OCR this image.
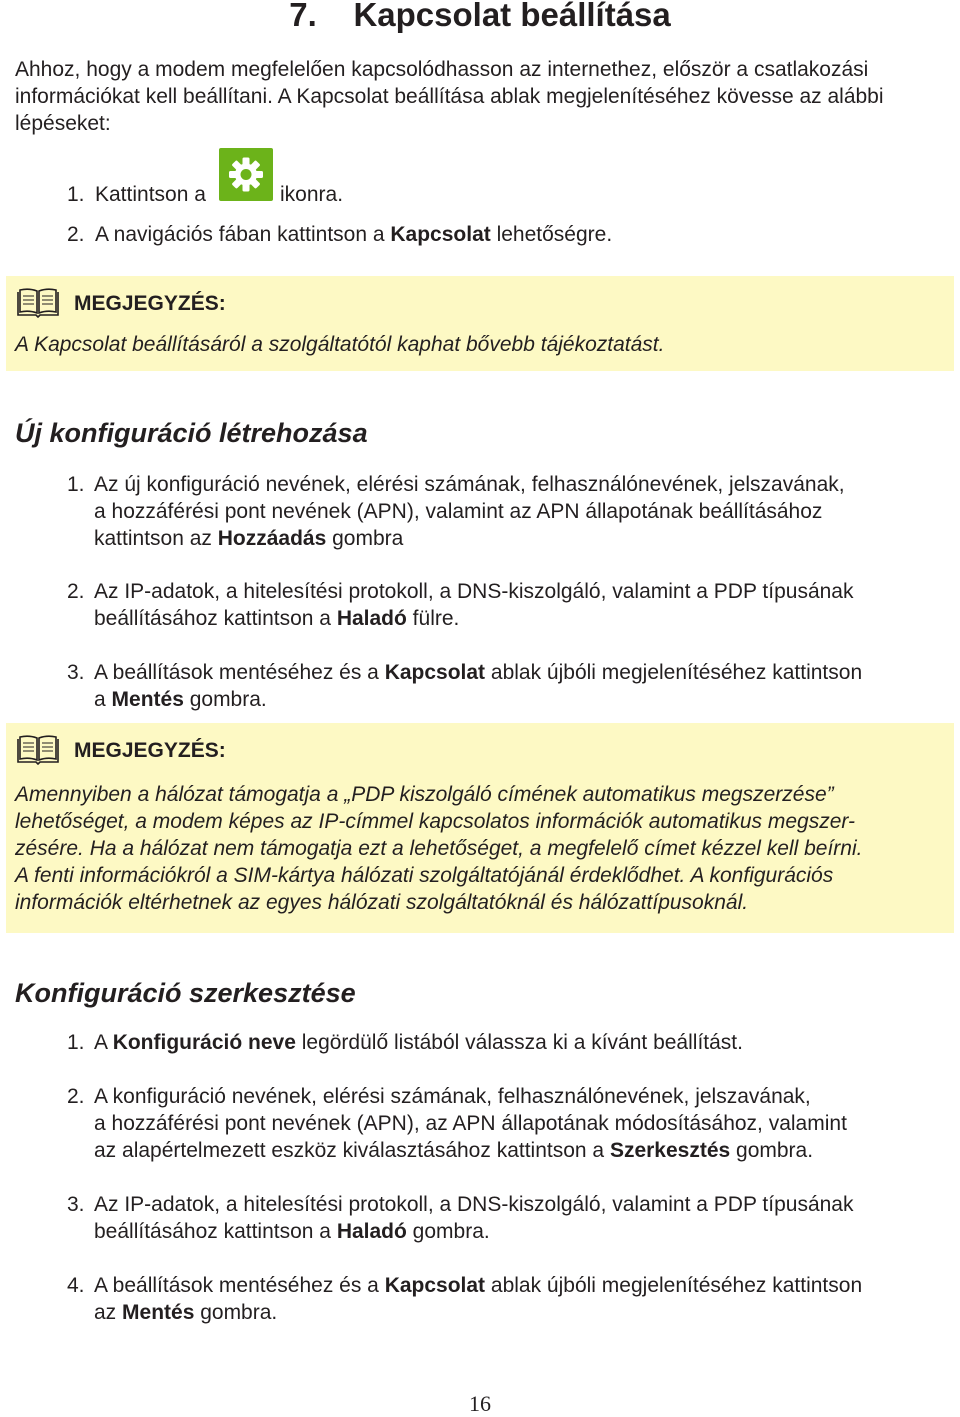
7.    Kapcsolat beállítása
Ahhoz, hogy a modem megfelelően kapcsolódhasson az internethez, először a csatlakozási
információkat kell beállítani. A Kapcsolat beállítása ablak megjelenítéséhez kövesse az alábbi
lépéseket:
1. Kattintson a	ikonra.
2. A navigációs fában kattintson a Kapcsolat lehetőségre.
MEGJEGYZÉS:
A Kapcsolat beállításáról a szolgáltatótól kaphat bővebb tájékoztatást.
Új konfiguráció létrehozása
1. Az új konfiguráció nevének, elérési számának, felhasználónevének, jelszavának,
a hozzáférési pont nevének (APN), valamint az APN állapotának beállításához
kattintson az Hozzáadás gombra
2. Az IP-adatok, a hitelesítési protokoll, a DNS-kiszolgáló, valamint a PDP típusának
beállításához kattintson a Haladó fülre.
3. A beállítások mentéséhez és a Kapcsolat ablak újbóli megjelenítéséhez kattintson
a Mentés gombra.
MEGJEGYZÉS:
Amennyiben a hálózat támogatja a „PDP kiszolgáló címének automatikus megszerzése”
lehetőséget, a modem képes az IP-címmel kapcsolatos információk automatikus megszer-
zésére. Ha a hálózat nem támogatja ezt a lehetőséget, a megfelelő címet kézzel kell beírni.
A fenti információkról a SIM-kártya hálózati szolgáltatójánál érdeklődhet. A konfigurációs
információk eltérhetnek az egyes hálózati szolgáltatóknál és hálózattípusoknál.
Konfiguráció szerkesztése
1. A Konfiguráció neve legördülő listából válassza ki a kívánt beállítást.
2. A konfiguráció nevének, elérési számának, felhasználónevének, jelszavának,
a hozzáférési pont nevének (APN), az APN állapotának módosításához, valamint
az alapértelmezett eszköz kiválasztásához kattintson a Szerkesztés gombra.
3. Az IP-adatok, a hitelesítési protokoll, a DNS-kiszolgáló, valamint a PDP típusának
beállításához kattintson a Haladó gombra.
4. A beállítások mentéséhez és a Kapcsolat ablak újbóli megjelenítéséhez kattintson
az Mentés gombra.
16
